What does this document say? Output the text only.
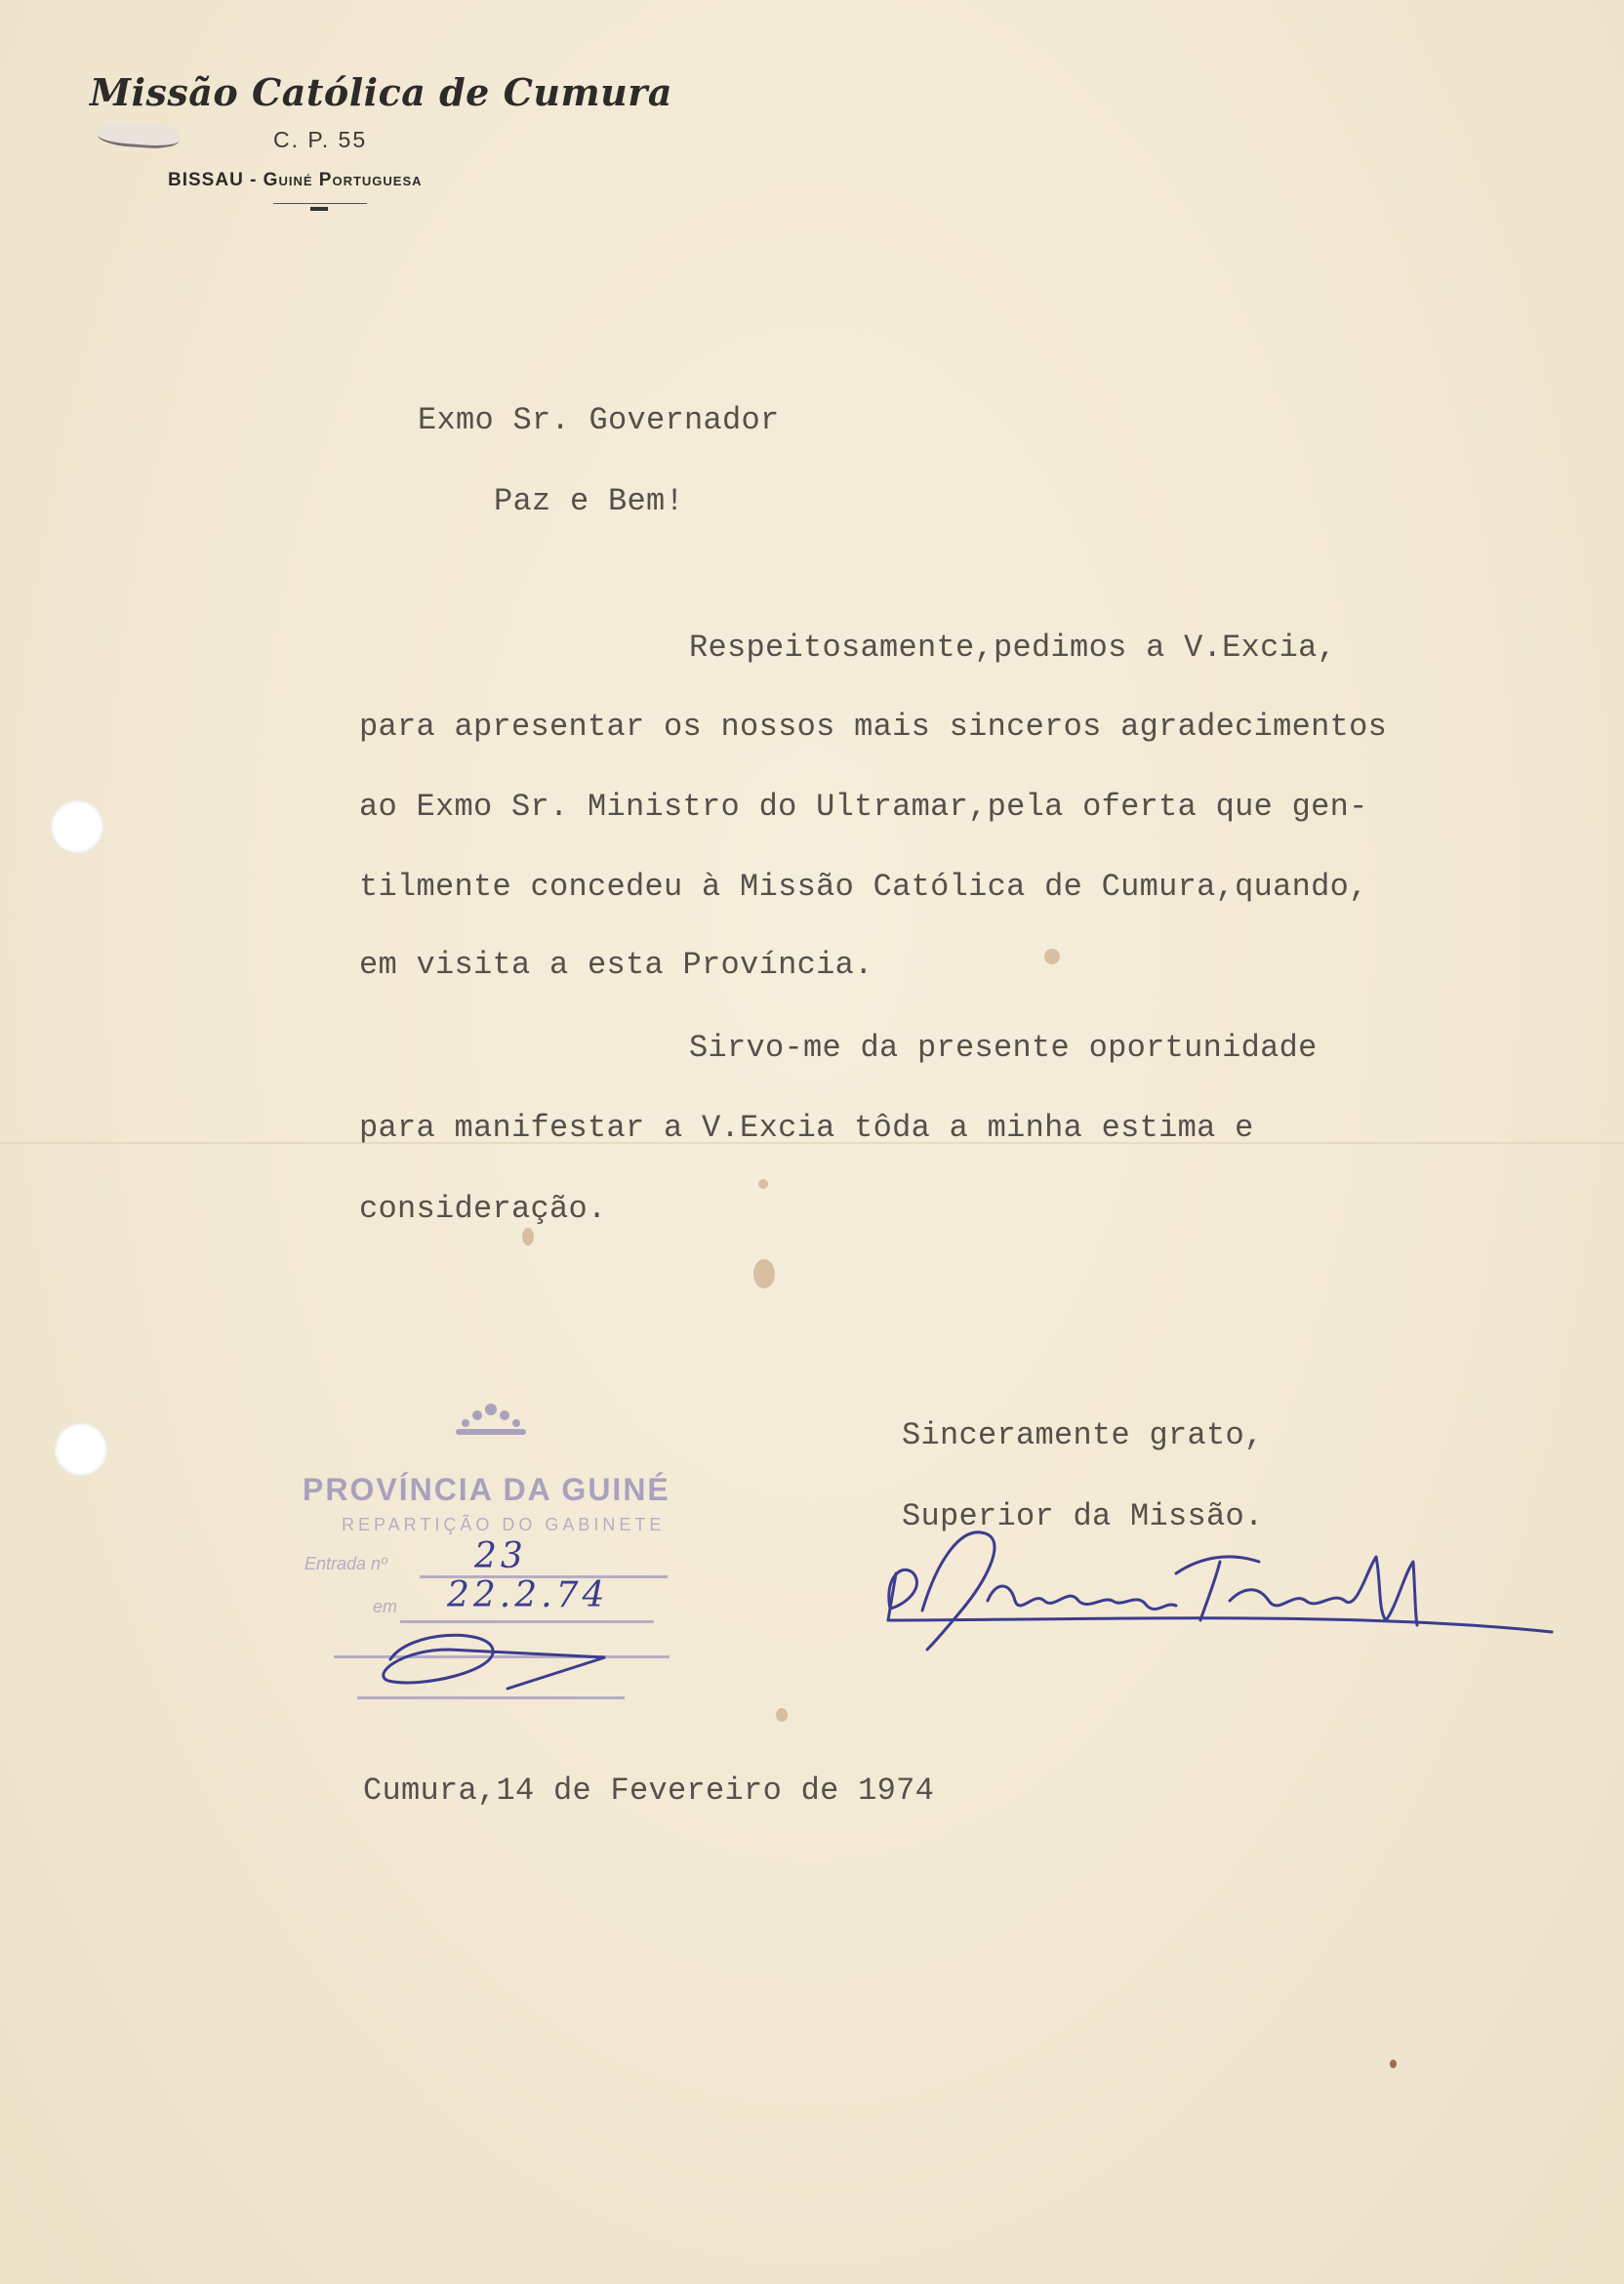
Missão Católica de Cumura
C. P. 55
BISSAU - Guiné Portuguesa
Exmo Sr. Governador
Paz e Bem!
Respeitosamente,pedimos a V.Excia,
para apresentar os nossos mais sinceros agradecimentos
ao Exmo Sr. Ministro do Ultramar,pela oferta que gen-
tilmente concedeu à Missão Católica de Cumura,quando,
em visita a esta Província.
Sirvo-me da presente oportunidade
para manifestar a V.Excia tôda a minha estima e
consideração.
Sinceramente grato,
Superior da Missão.
Cumura,14 de Fevereiro de 1974
PROVÍNCIA DA GUINÉ
REPARTIÇÃO DO GABINETE
Entrada nº 23
em 22.2.74
